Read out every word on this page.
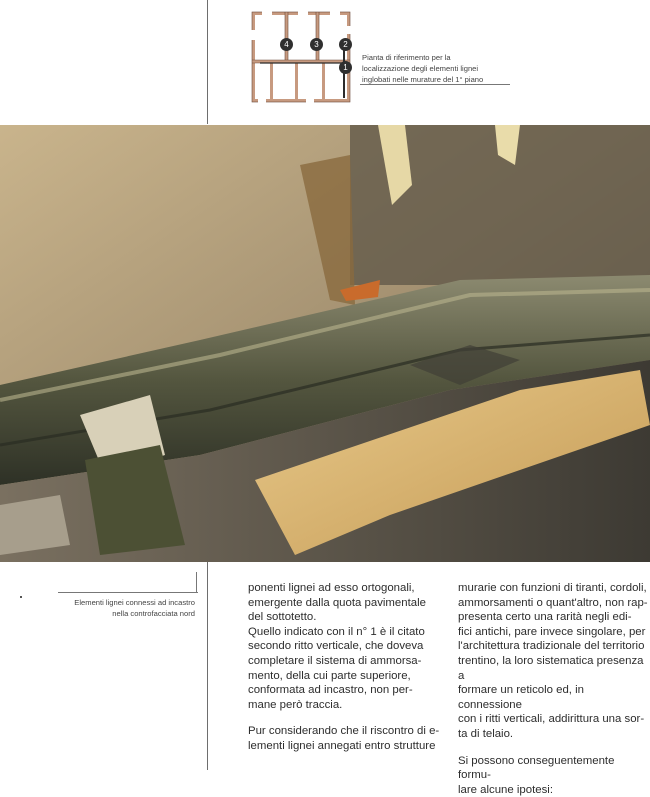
4	3	2
1
Pianta di riferimento per la
localizzazione degli elementi lignei
inglobati nelle murature del 1° piano
Elementi lignei connessi ad incastro
nella controfacciata nord
ponenti lignei ad esso ortogonali,
emergente dalla quota pavimentale
del sottotetto.
Quello indicato con il n° 1 è il citato
secondo ritto verticale, che doveva
completare il sistema di ammorsa-
mento, della cui parte superiore,
conformata ad incastro, non per-
mane però traccia.
Pur considerando che il riscontro di e-
lementi lignei annegati entro strutture
murarie con funzioni di tiranti, cordoli,
ammorsamenti o quant'altro, non rap-
presenta certo una rarità negli edi-
fici antichi, pare invece singolare, per
l'architettura tradizionale del territorio
trentino, la loro sistematica presenza a
formare un reticolo ed, in connessione
con i ritti verticali, addirittura una sor-
ta di telaio.
Si possono conseguentemente formu-
lare alcune ipotesi:
